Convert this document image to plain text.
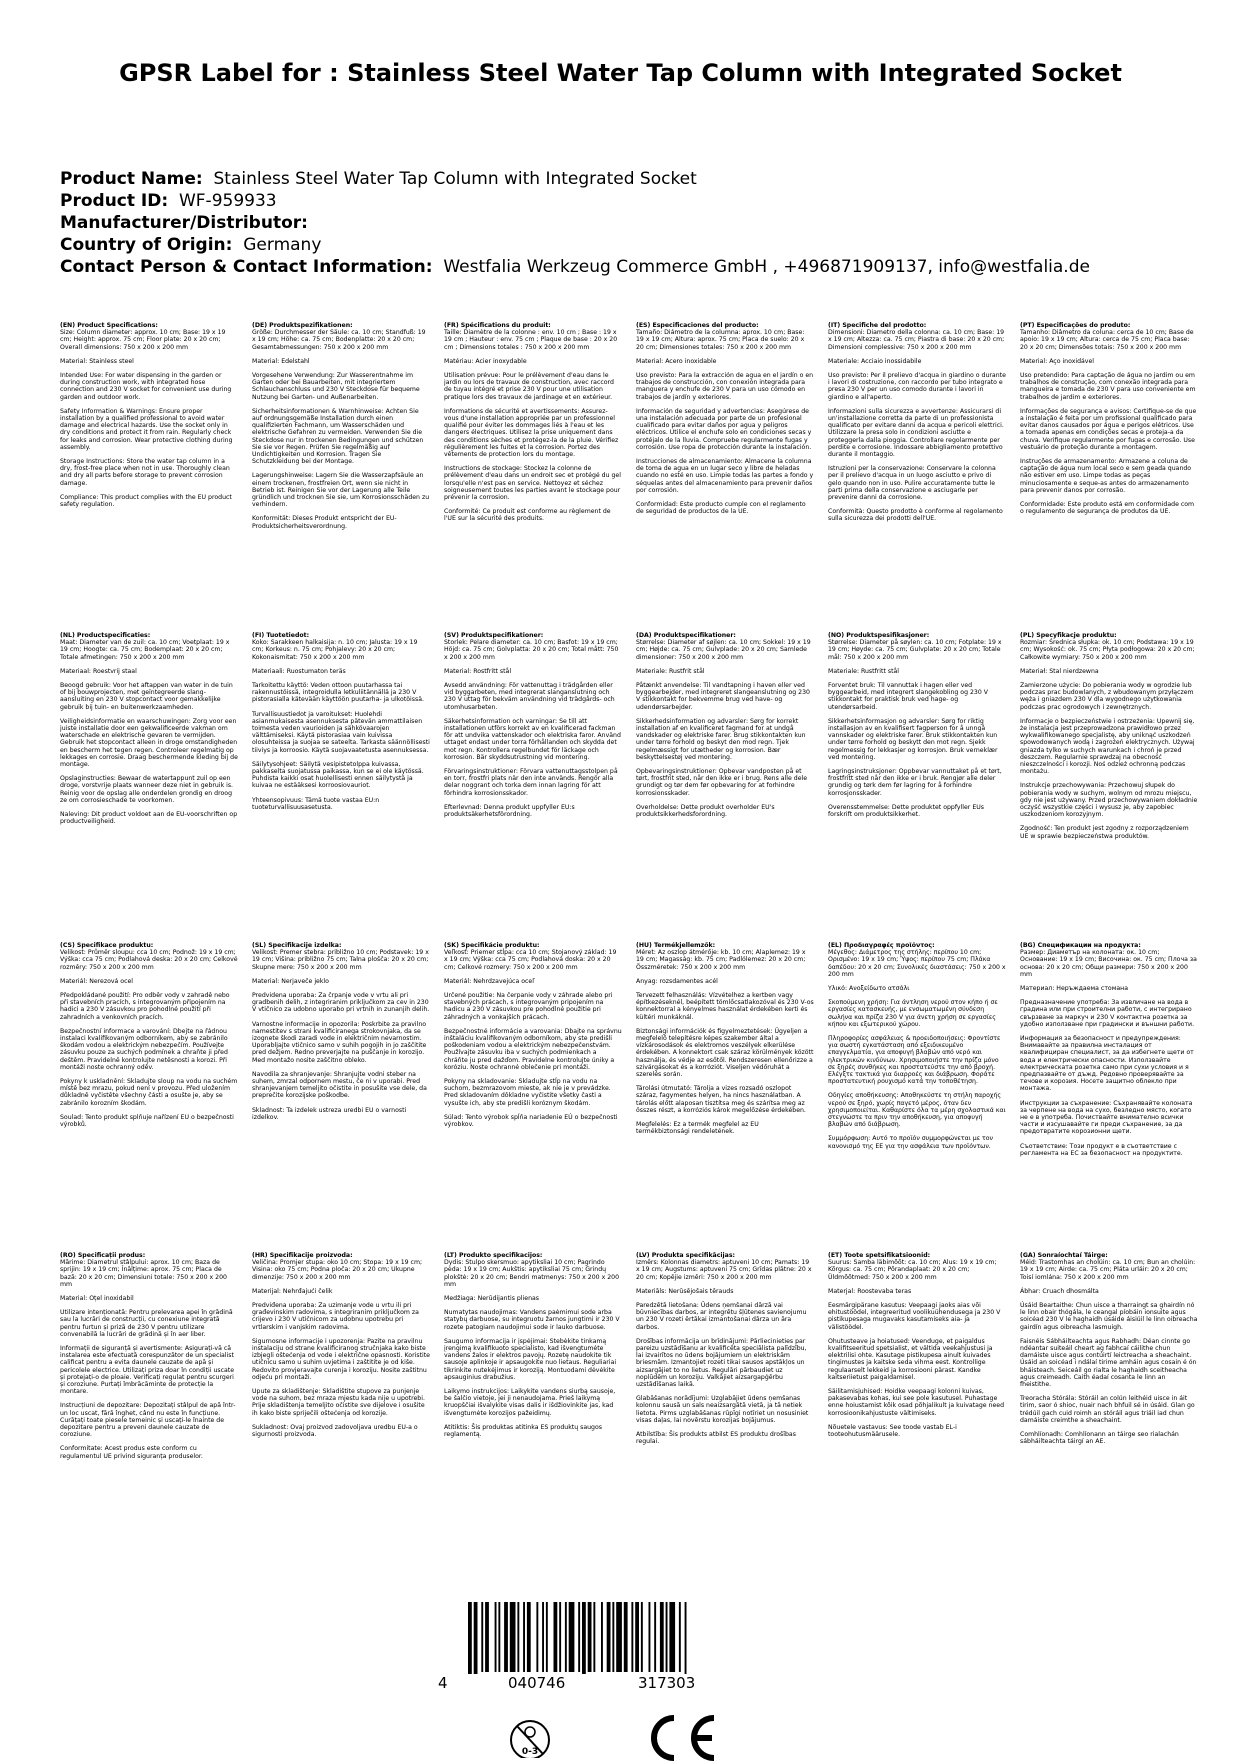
GPSR Label for : Stainless Steel Water Tap Column with Integrated Socket
Product Name: Stainless Steel Water Tap Column with Integrated Socket
Product ID: WF-959933
Manufacturer/Distributor:
Country of Origin: Germany
Contact Person & Contact Information: Westfalia Werkzeug Commerce GmbH , +496871909137, info@westfalia.de
(EN) Product Specifications:

Size: Column diameter: approx. 10 cm; Base: 19 x 19 cm; Height: approx. 75 cm; Floor plate: 20 x 20 cm; Overall dimensions: 750 x 200 x 200 mm

Material: Stainless steel

Intended Use: For water dispensing in the garden or during construction work, with integrated hose connection and 230 V socket for convenient use during garden and outdoor work.

Safety Information & Warnings: Ensure proper installation by a qualified professional to avoid water damage and electrical hazards. Use the socket only in dry conditions and protect it from rain. Regularly check for leaks and corrosion. Wear protective clothing during assembly.

Storage Instructions: Store the water tap column in a dry, frost-free place when not in use. Thoroughly clean and dry all parts before storage to prevent corrosion damage.

Compliance: This product complies with the EU product safety regulation.

(DE) Produktspezifikationen:

Größe: Durchmesser der Säule: ca. 10 cm; Standfuß: 19 x 19 cm; Höhe: ca. 75 cm; Bodenplatte: 20 x 20 cm; Gesamtabmessungen: 750 x 200 x 200 mm

Material: Edelstahl

Vorgesehene Verwendung: Zur Wasserentnahme im Garten oder bei Bauarbeiten, mit integriertem Schlauchanschluss und 230 V Steckdose für bequeme Nutzung bei Garten- und Außenarbeiten.

Sicherheitsinformationen & Warnhinweise: Achten Sie auf ordnungsgemäße Installation durch einen qualifizierten Fachmann, um Wasserschäden und elektrische Gefahren zu vermeiden. Verwenden Sie die Steckdose nur in trockenen Bedingungen und schützen Sie sie vor Regen. Prüfen Sie regelmäßig auf Undichtigkeiten und Korrosion. Tragen Sie Schutzkleidung bei der Montage.

Lagerungshinweise: Lagern Sie die Wasserzapfsäule an einem trockenen, frostfreien Ort, wenn sie nicht in Betrieb ist. Reinigen Sie vor der Lagerung alle Teile gründlich und trocknen Sie sie, um Korrosionsschäden zu verhindern.

Konformität: Dieses Produkt entspricht der EU-Produktsicherheitsverordnung.

(FR) Spécifications du produit:

Taille: Diamètre de la colonne : env. 10 cm ; Base : 19 x 19 cm ; Hauteur : env. 75 cm ; Plaque de base : 20 x 20 cm ; Dimensions totales : 750 x 200 x 200 mm

Matériau: Acier inoxydable

Utilisation prévue: Pour le prélèvement d'eau dans le jardin ou lors de travaux de construction, avec raccord de tuyau intégré et prise 230 V pour une utilisation pratique lors des travaux de jardinage et en extérieur.

Informations de sécurité et avertissements: Assurez-vous d'une installation appropriée par un professionnel qualifié pour éviter les dommages liés à l'eau et les dangers électriques. Utilisez la prise uniquement dans des conditions sèches et protégez-la de la pluie. Vérifiez régulièrement les fuites et la corrosion. Portez des vêtements de protection lors du montage.

Instructions de stockage: Stockez la colonne de prélèvement d'eau dans un endroit sec et protégé du gel lorsqu'elle n'est pas en service. Nettoyez et séchez soigneusement toutes les parties avant le stockage pour prévenir la corrosion.

Conformité: Ce produit est conforme au règlement de l'UE sur la sécurité des produits.

(ES) Especificaciones del producto:

Tamaño: Diámetro de la columna: aprox. 10 cm; Base: 19 x 19 cm; Altura: aprox. 75 cm; Placa de suelo: 20 x 20 cm; Dimensiones totales: 750 x 200 x 200 mm

Material: Acero inoxidable

Uso previsto: Para la extracción de agua en el jardín o en trabajos de construcción, con conexión integrada para manguera y enchufe de 230 V para un uso cómodo en trabajos de jardín y exteriores.

Información de seguridad y advertencias: Asegúrese de una instalación adecuada por parte de un profesional cualificado para evitar daños por agua y peligros eléctricos. Utilice el enchufe solo en condiciones secas y protéjalo de la lluvia. Compruebe regularmente fugas y corrosión. Use ropa de protección durante la instalación.

Instrucciones de almacenamiento: Almacene la columna de toma de agua en un lugar seco y libre de heladas cuando no esté en uso. Limpie todas las partes a fondo y séquelas antes del almacenamiento para prevenir daños por corrosión.

Conformidad: Este producto cumple con el reglamento de seguridad de productos de la UE.

(IT) Specifiche del prodotto:

Dimensioni: Diametro della colonna: ca. 10 cm; Base: 19 x 19 cm; Altezza: ca. 75 cm; Piastra di base: 20 x 20 cm; Dimensioni complessive: 750 x 200 x 200 mm

Materiale: Acciaio inossidabile

Uso previsto: Per il prelievo d'acqua in giardino o durante i lavori di costruzione, con raccordo per tubo integrato e presa 230 V per un uso comodo durante i lavori in giardino e all'aperto.

Informazioni sulla sicurezza e avvertenze: Assicurarsi di un'installazione corretta da parte di un professionista qualificato per evitare danni da acqua e pericoli elettrici. Utilizzare la presa solo in condizioni asciutte e proteggerla dalla pioggia. Controllare regolarmente per perdite e corrosione. Indossare abbigliamento protettivo durante il montaggio.

Istruzioni per la conservazione: Conservare la colonna per il prelievo d'acqua in un luogo asciutto e privo di gelo quando non in uso. Pulire accuratamente tutte le parti prima della conservazione e asciugarle per prevenire danni da corrosione.

Conformità: Questo prodotto è conforme al regolamento sulla sicurezza dei prodotti dell'UE.

(PT) Especificações do produto:

Tamanho: Diâmetro da coluna: cerca de 10 cm; Base de apoio: 19 x 19 cm; Altura: cerca de 75 cm; Placa base: 20 x 20 cm; Dimensões totais: 750 x 200 x 200 mm

Material: Aço inoxidável

Uso pretendido: Para captação de água no jardim ou em trabalhos de construção, com conexão integrada para mangueira e tomada de 230 V para uso conveniente em trabalhos de jardim e exteriores.

Informações de segurança e avisos: Certifique-se de que a instalação é feita por um profissional qualificado para evitar danos causados por água e perigos elétricos. Use a tomada apenas em condições secas e proteja-a da chuva. Verifique regularmente por fugas e corrosão. Use vestuário de proteção durante a montagem.

Instruções de armazenamento: Armazene a coluna de captação de água num local seco e sem geada quando não estiver em uso. Limpe todas as peças minuciosamente e seque-as antes do armazenamento para prevenir danos por corrosão.

Conformidade: Este produto está em conformidade com o regulamento de segurança de produtos da UE.

(NL) Productspecificaties:

Maat: Diameter van de zuil: ca. 10 cm; Voetplaat: 19 x 19 cm; Hoogte: ca. 75 cm; Bodemplaat: 20 x 20 cm; Totale afmetingen: 750 x 200 x 200 mm

Materiaal: Roestvrij staal

Beoogd gebruik: Voor het aftappen van water in de tuin of bij bouwprojecten, met geïntegreerde slang-aansluiting en 230 V stopcontact voor gemakkelijke gebruik bij tuin- en buitenwerkzaamheden.

Veiligheidsinformatie en waarschuwingen: Zorg voor een juiste installatie door een gekwalificeerde vakman om waterschade en elektrische gevaren te vermijden. Gebruik het stopcontact alleen in droge omstandigheden en bescherm het tegen regen. Controleer regelmatig op lekkages en corrosie. Draag beschermende kleding bij de montage.

Opslaginstructies: Bewaar de watertappunt zuil op een droge, vorstvrije plaats wanneer deze niet in gebruik is. Reinig voor de opslag alle onderdelen grondig en droog ze om corrosieschade te voorkomen.

Naleving: Dit product voldoet aan de EU-voorschriften op productveiligheid.

(FI) Tuotetiedot:

Koko: Sarakkeen halkaisija: n. 10 cm; Jalusta: 19 x 19 cm; Korkeus: n. 75 cm; Pohjalevy: 20 x 20 cm; Kokonaismitat: 750 x 200 x 200 mm

Materiaali: Ruostumaton teräs

Tarkoitettu käyttö: Veden ottoon puutarhassa tai rakennustöissä, integroidulla letkuliitännällä ja 230 V pistorasialla kätevään käyttöön puutarha- ja ulkotöissä.

Turvallisuustiedot ja varoitukset: Huolehdi asianmukaisesta asennuksesta pätevän ammattilaisen toimesta veden vaurioiden ja sähkövaarojen välttämiseksi. Käytä pistorasiaa vain kuivissa olosuhteissa ja suojaa se sateelta. Tarkasta säännöllisesti tiiviys ja korroosio. Käytä suojavaatetusta asennuksessa.

Säilytysohjeet: Säilytä vesipistetolppa kuivassa, pakkaselta suojatussa paikassa, kun se ei ole käytössä. Puhdista kaikki osat huolellisesti ennen säilytystä ja kuivaa ne estääksesi korroosiovauriot.

Yhteensopivuus: Tämä tuote vastaa EU:n tuoteturvallisuusasetusta.

(SV) Produktspecifikationer:

Storlek: Pelare diameter: ca. 10 cm; Basfot: 19 x 19 cm; Höjd: ca. 75 cm; Golvplatta: 20 x 20 cm; Total mått: 750 x 200 x 200 mm

Material: Rostfritt stål

Avsedd användning: För vattenuttag i trädgården eller vid byggarbeten, med integrerat slanganslutning och 230 V uttag för bekväm användning vid trädgårds- och utomhusarbeten.

Säkerhetsinformation och varningar: Se till att installationen utförs korrekt av en kvalificerad fackman för att undvika vattenskador och elektriska faror. Använd uttaget endast under torra förhållanden och skydda det mot regn. Kontrollera regelbundet för läckage och korrosion. Bär skyddsutrustning vid montering.

Förvaringsinstruktioner: Förvara vattenuttagsstolpen på en torr, frostfri plats när den inte används. Rengör alla delar noggrant och torka dem innan lagring för att förhindra korrosionsskador.

Efterlevnad: Denna produkt uppfyller EU:s produktsäkerhetsförordning.

(DA) Produktspecifikationer:

Størrelse: Diameter af søjlen: ca. 10 cm; Sokkel: 19 x 19 cm; Højde: ca. 75 cm; Gulvplade: 20 x 20 cm; Samlede dimensioner: 750 x 200 x 200 mm

Materiale: Rustfrit stål

Påtænkt anvendelse: Til vandtapning i haven eller ved byggearbejder, med integreret slangeanslutning og 230 V stikkontakt for bekvemme brug ved have- og udendørsarbejder.

Sikkerhedsinformation og advarsler: Sørg for korrekt installation af en kvalificeret fagmand for at undgå vandskader og elektriske farer. Brug stikkontakten kun under tørre forhold og beskyt den mod regn. Tjek regelmæssigt for utætheder og korrosion. Bær beskyttelsestøj ved montering.

Opbevaringsinstruktioner: Opbevar vandposten på et tørt, frostfrit sted, når den ikke er i brug. Rens alle dele grundigt og tør dem før opbevaring for at forhindre korrosionsskader.

Overholdelse: Dette produkt overholder EU's produktsikkerhedsforordning.

(NO) Produktspesifikasjoner:

Størrelse: Diameter på søylen: ca. 10 cm; Fotplate: 19 x 19 cm; Høyde: ca. 75 cm; Gulvplate: 20 x 20 cm; Totale mål: 750 x 200 x 200 mm

Materiale: Rustfritt stål

Forventet bruk: Til vannuttak i hagen eller ved byggearbeid, med integrert slangekobling og 230 V stikkontakt for praktisk bruk ved hage- og utendørsarbeid.

Sikkerhetsinformasjon og advarsler: Sørg for riktig installasjon av en kvalifisert fagperson for å unngå vannskader og elektriske farer. Bruk stikkontakten kun under tørre forhold og beskytt den mot regn. Sjekk regelmessig for lekkasjer og korrosjon. Bruk verneklær ved montering.

Lagringsinstruksjoner: Oppbevar vannuttaket på et tørt, frostfritt sted når den ikke er i bruk. Rengjør alle deler grundig og tørk dem før lagring for å forhindre korrosjonsskader.

Overensstemmelse: Dette produktet oppfyller EUs forskrift om produktsikkerhet.

(PL) Specyfikacje produktu:

Rozmiar: Średnica słupka: ok. 10 cm; Podstawa: 19 x 19 cm; Wysokość: ok. 75 cm; Płyta podłogowa: 20 x 20 cm; Całkowite wymiary: 750 x 200 x 200 mm

Materiał: Stal nierdzewna

Zamierzone użycie: Do pobierania wody w ogrodzie lub podczas prac budowlanych, z wbudowanym przyłączem węża i gniazdem 230 V dla wygodnego użytkowania podczas prac ogrodowych i zewnętrznych.

Informacje o bezpieczeństwie i ostrzeżenia: Upewnij się, że instalacja jest przeprowadzona prawidłowo przez wykwalifikowanego specjalistę, aby uniknąć uszkodzeń spowodowanych wodą i zagrożeń elektrycznych. Używaj gniazda tylko w suchych warunkach i chroń je przed deszczem. Regularnie sprawdzaj na obecność nieszczelności i korozji. Noś odzież ochronną podczas montażu.

Instrukcje przechowywania: Przechowuj słupek do pobierania wody w suchym, wolnym od mrozu miejscu, gdy nie jest używany. Przed przechowywaniem dokładnie oczyść wszystkie części i wysusz je, aby zapobiec uszkodzeniom korozyjnym.

Zgodność: Ten produkt jest zgodny z rozporządzeniem UE w sprawie bezpieczeństwa produktów.

(CS) Specifikace produktu:

Velikost: Průměr sloupu: cca 10 cm; Podnož: 19 x 19 cm; Výška: cca 75 cm; Podlahová deska: 20 x 20 cm; Celkové rozměry: 750 x 200 x 200 mm

Materiál: Nerezová ocel

Předpokládané použití: Pro odběr vody v zahradě nebo při stavebních pracích, s integrovaným připojením na hadici a 230 V zásuvkou pro pohodlné použití při zahradních a venkovních pracích.

Bezpečnostní informace a varování: Dbejte na řádnou instalaci kvalifikovaným odborníkem, aby se zabránilo škodám vodou a elektrickým nebezpečím. Používejte zásuvku pouze za suchých podmínek a chraňte ji před deštěm. Pravidelně kontrolujte netěsnosti a korozi. Při montáži noste ochranný oděv.

Pokyny k uskladnění: Skladujte sloup na vodu na suchém místě bez mrazu, pokud není v provozu. Před uložením důkladně vyčistěte všechny části a osušte je, aby se zabránilo korozním škodám.

Soulad: Tento produkt splňuje nařízení EU o bezpečnosti výrobků.

(SL) Specifikacije izdelka:

Velikost: Premer stebra: približno 10 cm; Podstavek: 19 x 19 cm; Višina: približno 75 cm; Talna plošča: 20 x 20 cm; Skupne mere: 750 x 200 x 200 mm

Material: Nerjaveče jeklo

Predvidena uporaba: Za črpanje vode v vrtu ali pri gradbenih delih, z integriranim priključkom za cev in 230 V vtičnico za udobno uporabo pri vrtnih in zunanjih delih.

Varnostne informacije in opozorila: Poskrbite za pravilno namestitev s strani kvalificiranega strokovnjaka, da se izognete škodi zaradi vode in električnim nevarnostim. Uporabljajte vtičnico samo v suhih pogojih in jo zaščitite pred dežjem. Redno preverjajte na puščanje in korozijo. Med montažo nosite zaščitno obleko.

Navodila za shranjevanje: Shranjujte vodni steber na suhem, zmrzal odpornem mestu, če ni v uporabi. Pred shranjevanjem temeljito očistite in posušite vse dele, da preprečite korozijske poškodbe.

Skladnost: Ta izdelek ustreza uredbi EU o varnosti izdelkov.

(SK) Špecifikácie produktu:

Veľkosť: Priemer stĺpa: cca 10 cm; Stojanový základ: 19 x 19 cm; Výška: cca 75 cm; Podlahová doska: 20 x 20 cm; Celkové rozmery: 750 x 200 x 200 mm

Materiál: Nehrdzavejúca oceľ

Určené použitie: Na čerpanie vody v záhrade alebo pri stavebných prácach, s integrovaným pripojením na hadicu a 230 V zásuvkou pre pohodlné použitie pri záhradných a vonkajších prácach.

Bezpečnostné informácie a varovania: Dbajte na správnu inštaláciu kvalifikovaným odborníkom, aby ste predišli poškodeniam vodou a elektrickým nebezpečenstvám. Používajte zásuvku iba v suchých podmienkach a chráňte ju pred dažďom. Pravidelne kontrolujte úniky a koróziu. Noste ochranné oblečenie pri montáži.

Pokyny na skladovanie: Skladujte stĺp na vodu na suchom, bezmrazovom mieste, ak nie je v prevádzke. Pred skladovaním dôkladne vyčistite všetky časti a vysušte ich, aby ste predišli koróznym škodám.

Súlad: Tento výrobok spĺňa nariadenie EÚ o bezpečnosti výrobkov.

(HU) Termékjellemzők:

Méret: Az oszlop átmérője: kb. 10 cm; Alaplemez: 19 x 19 cm; Magasság: kb. 75 cm; Padlólemez: 20 x 20 cm; Összméretek: 750 x 200 x 200 mm

Anyag: rozsdamentes acél

Tervezett felhasználás: Vízvételhez a kertben vagy építkezéseknél, beépített tömlőcsatlakozóval és 230 V-os konnektorral a kényelmes használat érdekében kerti és kültéri munkáknál.

Biztonsági információk és figyelmeztetések: Ügyeljen a megfelelő telepítésre képes szakember által a vízkárosodások és elektromos veszélyek elkerülése érdekében. A konnektort csak száraz körülmények között használja, és védje az esőtől. Rendszeresen ellenőrizze a szivárgásokat és a korróziót. Viseljen védőruhát a szerelés során.

Tárolási útmutató: Tárolja a vizes rozsadó oszlopot száraz, fagymentes helyen, ha nincs használatban. A tárolás előtt alaposan tisztítsa meg és szárítsa meg az összes részt, a korróziós károk megelőzése érdekében.

Megfelelés: Ez a termék megfelel az EU termékbiztonsági rendeletének.

(EL) Προδιαγραφές προϊόντος:

Μέγεθος: Διάμετρος της στήλης: περίπου 10 cm; Ορισμένο: 19 x 19 cm; Ύψος: περίπου 75 cm; Πλάκα δαπέδου: 20 x 20 cm; Συνολικές διαστάσεις: 750 x 200 x 200 mm

Υλικό: Ανοξείδωτο ατσάλι

Σκοπούμενη χρήση: Για άντληση νερού στον κήπο ή σε εργασίες κατασκευής, με ενσωματωμένη σύνδεση σωλήνα και πρίζα 230 V για άνετη χρήση σε εργασίες κήπου και εξωτερικού χώρου.

Πληροφορίες ασφάλειας & προειδοποιήσεις: Φροντίστε για σωστή εγκατάσταση από εξειδικευμένο επαγγελματία, για αποφυγή βλαβών από νερό και ηλεκτρικών κινδύνων. Χρησιμοποιήστε την πρίζα μόνο σε ξηρές συνθήκες και προστατεύστε την από βροχή. Ελέγξτε τακτικά για διαρροές και διάβρωση. Φοράτε προστατευτική ρουχισμό κατά την τοποθέτηση.

Οδηγίες αποθήκευσης: Αποθηκεύστε τη στήλη παροχής νερού σε ξηρό, χωρίς παγετό μέρος, όταν δεν χρησιμοποιείται. Καθαρίστε όλα τα μέρη σχολαστικά και στεγνώστε τα πριν την αποθήκευση, για αποφυγή βλαβών από διάβρωση.

Συμμόρφωση: Αυτό το προϊόν συμμορφώνεται με τον κανονισμό της ΕΕ για την ασφάλεια των προϊόντων.

(BG) Спецификации на продукта:

Размер: Диаметър на колоната: ок. 10 cm; Основание: 19 x 19 cm; Височина: ок. 75 cm; Плоча за основа: 20 x 20 cm; Общи размери: 750 x 200 x 200 mm

Материал: Неръждаема стомана

Предназначение употреба: За извличане на вода в градина или при строителни работи, с интегрирано свързване за маркуч и 230 V контактна розетка за удобно използване при градински и външни работи.

Информация за безопасност и предупреждения: Внимавайте за правилна инсталация от квалифициран специалист, за да избегнете щети от вода и електрически опасности. Използвайте електрическата розетка само при сухи условия и я предпазвайте от дъжд. Редовно проверявайте за течове и корозия. Носете защитно облекло при монтажа.

Инструкции за съхранение: Съхранявайте колоната за черпене на вода на сухо, безледно място, когато не е в употреба. Почиствайте внимателно всички части и изсушавайте ги преди съхранение, за да предотвратите корозионни щети.

Съответствие: Този продукт е в съответствие с регламента на ЕС за безопасност на продуктите.

(RO) Specificații produs:

Mărime: Diametrul stâlpului: aprox. 10 cm; Baza de sprijin: 19 x 19 cm; Înălțime: aprox. 75 cm; Placa de bază: 20 x 20 cm; Dimensiuni totale: 750 x 200 x 200 mm

Material: Oțel inoxidabil

Utilizare intenționată: Pentru prelevarea apei în grădină sau la lucrări de construcții, cu conexiune integrată pentru furtun și priză de 230 V pentru utilizare convenabilă la lucrări de grădină și în aer liber.

Informații de siguranță și avertismente: Asigurați-vă că instalarea este efectuată corespunzător de un specialist calificat pentru a evita daunele cauzate de apă și pericolele electrice. Utilizați priza doar în condiții uscate și protejați-o de ploaie. Verificați regulat pentru scurgeri și coroziune. Purtați îmbrăcăminte de protecție la montare.

Instrucțiuni de depozitare: Depozitați stâlpul de apă într-un loc uscat, fără înghet, când nu este în funcțiune. Curățați toate piesele temeinic și uscați-le înainte de depozitare pentru a preveni daunele cauzate de coroziune.

Conformitate: Acest produs este conform cu regulamentul UE privind siguranța produselor.

(HR) Specifikacije proizvoda:

Veličina: Promjer stupa: oko 10 cm; Stopa: 19 x 19 cm; Visina: oko 75 cm; Podna ploča: 20 x 20 cm; Ukupne dimenzije: 750 x 200 x 200 mm

Materijal: Nehrđajući čelik

Predviđena uporaba: Za uzimanje vode u vrtu ili pri građevinskim radovima, s integriranim priključkom za crijevo i 230 V utičnicom za udobnu upotrebu pri vrtlarskim i vanjskim radovima.

Sigurnosne informacije i upozorenja: Pazite na pravilnu instalaciju od strane kvalificiranog stručnjaka kako biste izbjegli oštećenja od vode i električne opasnosti. Koristite utičnicu samo u suhim uvjetima i zaštitite je od kiše. Redovito provjeravajte curenja i koroziju. Nosite zaštitnu odjeću pri montaži.

Upute za skladištenje: Skladištite stupove za punjenje vode na suhom, bez mraza mjestu kada nije u upotrebi. Prije skladištenja temeljito očistite sve dijelove i osušite ih kako biste spriječili oštećenja od korozije.

Sukladnost: Ovaj proizvod zadovoljava uredbu EU-a o sigurnosti proizvoda.

(LT) Produkto specifikacijos:

Dydis: Stulpo skersmuo: apytiksliai 10 cm; Pagrindo pėda: 19 x 19 cm; Aukštis: apytiksliai 75 cm; Grindų plokštė: 20 x 20 cm; Bendri matmenys: 750 x 200 x 200 mm

Medžiaga: Nerūdijantis plienas

Numatytas naudojimas: Vandens paėmimui sode arba statybų darbuose, su integruotu žarnos jungtimi ir 230 V rozete patogiam naudojimui sode ir lauko darbuose.

Saugumo informacija ir įspėjimai: Stebėkite tinkamą įrengimą kvalifikuoto specialisto, kad išvengtumėte vandens žalos ir elektros pavojų. Rozetę naudokite tik sausoje aplinkoje ir apsaugokite nuo lietaus. Reguliariai tikrinkite nutekėjimus ir koroziją. Montuodami dėvėkite apsauginius drabužius.

Laikymo instrukcijos: Laikykite vandens siurbą sausoje, be šalčio vietoje, jei ji nenaudojama. Prieš laikymą kruopščiai išvalykite visas dalis ir išdžiovinkite jas, kad išvengtumėte korozijos pažeidimų.

Atitiktis: Šis produktas atitinka ES produktų saugos reglamentą.

(LV) Produkta specifikācijas:

Izmērs: Kolonnas diametrs: aptuveni 10 cm; Pamats: 19 x 19 cm; Augstums: aptuveni 75 cm; Grīdas plātne: 20 x 20 cm; Kopējie izmēri: 750 x 200 x 200 mm

Materiāls: Nerūsējošais tērauds

Paredzētā lietošana: Ūdens ņemšanai dārzā vai būvniecības darbos, ar integrētu šļūtenes savienojumu un 230 V rozeti ērtākai izmantošanai dārza un āra darbos.

Drošības informācija un brīdinājumi: Pārliecinieties par pareizu uzstādīšanu ar kvalificēta speciālista palīdzību, lai izvairītos no ūdens bojājumiem un elektriskām briesmām. Izmantojiet rozeti tikai sausos apstākļos un aizsargājiet to no lietus. Regulāri pārbaudiet uz noplūdēm un koroziju. Valkājiet aizsargapģērbu uzstādīšanas laikā.

Glabāšanas norādījumi: Uzglabājiet ūdens ņemšanas kolonnu sausā un sals neaizsargātā vietā, ja tā netiek lietota. Pirms uzglabāšanas rūpīgi notīriet un nosusiniet visas daļas, lai novērstu korozijas bojājumus.

Atbilstība: Šis produkts atbilst ES produktu drošības regulai.

(ET) Toote spetsifikatsioonid:

Suurus: Samba läbimõõt: ca. 10 cm; Alus: 19 x 19 cm; Kõrgus: ca. 75 cm; Põrandaplaat: 20 x 20 cm; Üldmõõtmed: 750 x 200 x 200 mm

Materjal: Roostevaba teras

Eesmärgipärane kasutus: Veepaagi jaoks aias või ehitustöödel, integreeritud voolikuühendusega ja 230 V pistikupesaga mugavaks kasutamiseks aia- ja välistöödel.

Ohutusteave ja hoiatused: Veenduge, et paigaldus kvalifitseeritud spetsialist, et vältida veekahjustusi ja elektrilisi ohte. Kasutage pistikupesa ainult kuivades tingimustes ja kaitske seda vihma eest. Kontrollige regulaarselt lekkeid ja korrosiooni pärast. Kandke kaitseriietust paigaldamisel.

Säilitamisjuhised: Hoidke veepaagi kolonni kuivas, pakasevabas kohas, kui see pole kasutusel. Puhastage enne hoiustamist kõik osad põhjalikult ja kuivatage need korrosioonikahjustuste vältimiseks.

Nõuetele vastavus: See toode vastab EL-i tooteohutusmäärusele.

(GA) Sonraíochtaí Táirge:

Méid: Trastomhas an cholúin: ca. 10 cm; Bun an cholúin: 19 x 19 cm; Airde: ca. 75 cm; Pláta urláir: 20 x 20 cm; Toisí iomlána: 750 x 200 x 200 mm

Ábhar: Cruach dhosmálta

Úsáid Beartaithe: Chun uisce a tharraingt sa ghairdín nó le linn obair thógála, le ceangal píobáin ionsuite agus soicéad 230 V le haghaidh úsáide áisiúil le linn oibreacha gairdín agus oibreacha lasmuigh.

Faisnéis Sábháilteachta agus Rabhadh: Déan cinnte go ndéantar suiteáil cheart ag fabhcaí cáilithe chun damáiste uisce agus contúirtí leictreacha a sheachaint. Úsáid an soicéad i ndálaí tirime amháin agus cosain é ón bháisteach. Seiceáil go rialta le haghaidh sceitheacha agus creimeadh. Caith éadaí cosanta le linn an fheistithe.

Treoracha Stórála: Stóráil an colún leithéid uisce in áit tirim, saor ó shioc, nuair nach bhfuil sé in úsáid. Glan go trédúil gach cuid roimh an stóráil agus triáil iad chun damáiste creimthe a sheachaint.

Comhlíonadh: Comhlíonann an táirge seo rialachán sábháilteachta táirgí an AE.

4	040746	317303
0-3
